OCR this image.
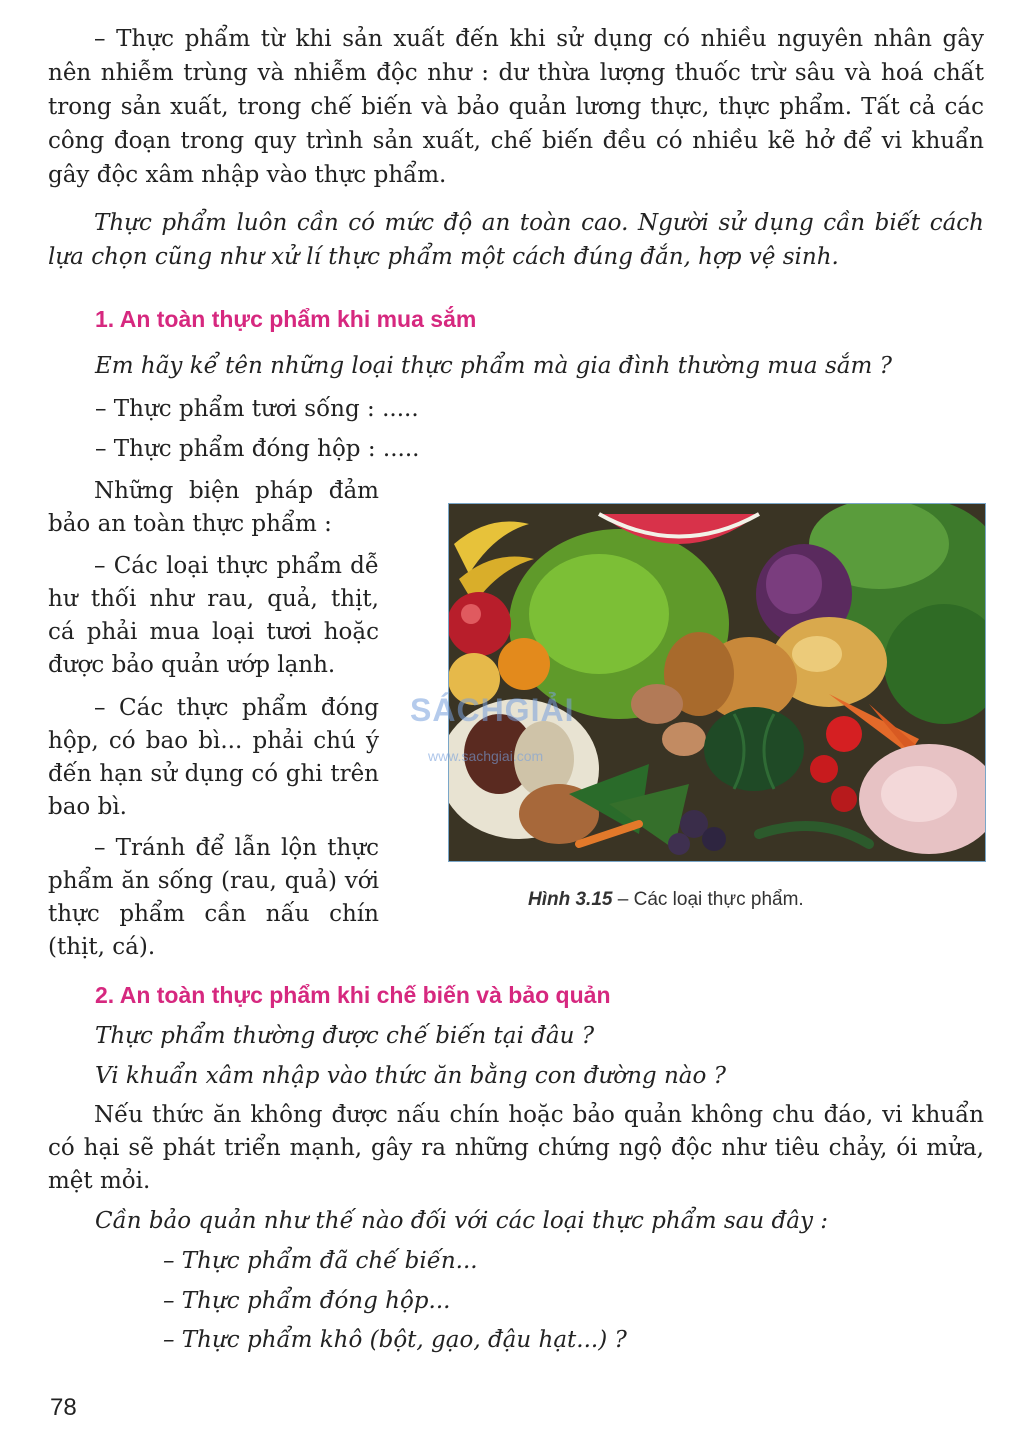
– Thực phẩm từ khi sản xuất đến khi sử dụng có nhiều nguyên nhân gây nên nhiễm trùng và nhiễm độc như : dư thừa lượng thuốc trừ sâu và hoá chất trong sản xuất, trong chế biến và bảo quản lương thực, thực phẩm. Tất cả các công đoạn trong quy trình sản xuất, chế biến đều có nhiều kẽ hở để vi khuẩn gây độc xâm nhập vào thực phẩm.

Thực phẩm luôn cần có mức độ an toàn cao. Người sử dụng cần biết cách lựa chọn cũng như xử lí thực phẩm một cách đúng đắn, hợp vệ sinh.

1. An toàn thực phẩm khi mua sắm

Em hãy kể tên những loại thực phẩm mà gia đình thường mua sắm ?

– Thực phẩm tươi sống : .....

– Thực phẩm đóng hộp : .....

Những biện pháp đảm bảo an toàn thực phẩm :

– Các loại thực phẩm dễ hư thối như rau, quả, thịt, cá phải mua loại tươi hoặc được bảo quản ướp lạnh.

– Các thực phẩm đóng hộp, có bao bì... phải chú ý đến hạn sử dụng có ghi trên bao bì.

– Tránh để lẫn lộn thực phẩm ăn sống (rau, quả) với thực phẩm cần nấu chín (thịt, cá).

SÁCHGIẢI
www.sachgiai.com
Hình 3.15 – Các loại thực phẩm.
2. An toàn thực phẩm khi chế biến và bảo quản

Thực phẩm thường được chế biến tại đâu ?

Vi khuẩn xâm nhập vào thức ăn bằng con đường nào ?

Nếu thức ăn không được nấu chín hoặc bảo quản không chu đáo, vi khuẩn có hại sẽ phát triển mạnh, gây ra những chứng ngộ độc như tiêu chảy, ói mửa, mệt mỏi.

Cần bảo quản như thế nào đối với các loại thực phẩm sau đây :

– Thực phẩm đã chế biến...

– Thực phẩm đóng hộp...

– Thực phẩm khô (bột, gạo, đậu hạt...) ?

78
